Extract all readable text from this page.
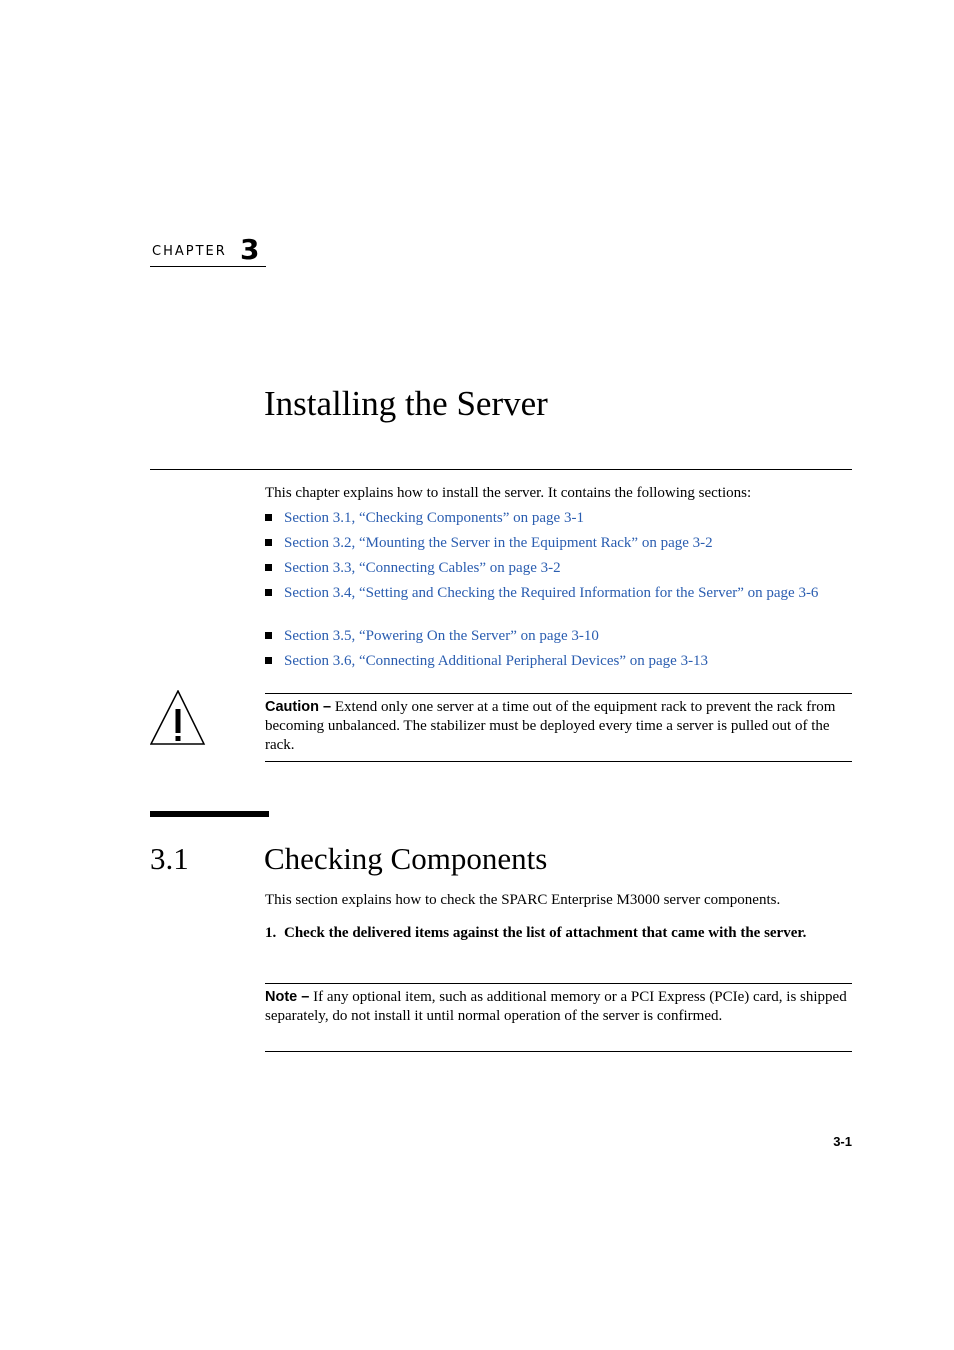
CHAPTER 3
Installing the Server
This chapter explains how to install the server. It contains the following sections:
Section 3.1, “Checking Components” on page 3-1
Section 3.2, “Mounting the Server in the Equipment Rack” on page 3-2
Section 3.3, “Connecting Cables” on page 3-2
Section 3.4, “Setting and Checking the Required Information for the Server” on page 3-6
Section 3.5, “Powering On the Server” on page 3-10
Section 3.6, “Connecting Additional Peripheral Devices” on page 3-13
Caution – Extend only one server at a time out of the equipment rack to prevent the rack from becoming unbalanced. The stabilizer must be deployed every time a server is pulled out of the rack.
3.1 Checking Components
This section explains how to check the SPARC Enterprise M3000 server components.
1. Check the delivered items against the list of attachment that came with the server.
Note – If any optional item, such as additional memory or a PCI Express (PCIe) card, is shipped separately, do not install it until normal operation of the server is confirmed.
3-1
